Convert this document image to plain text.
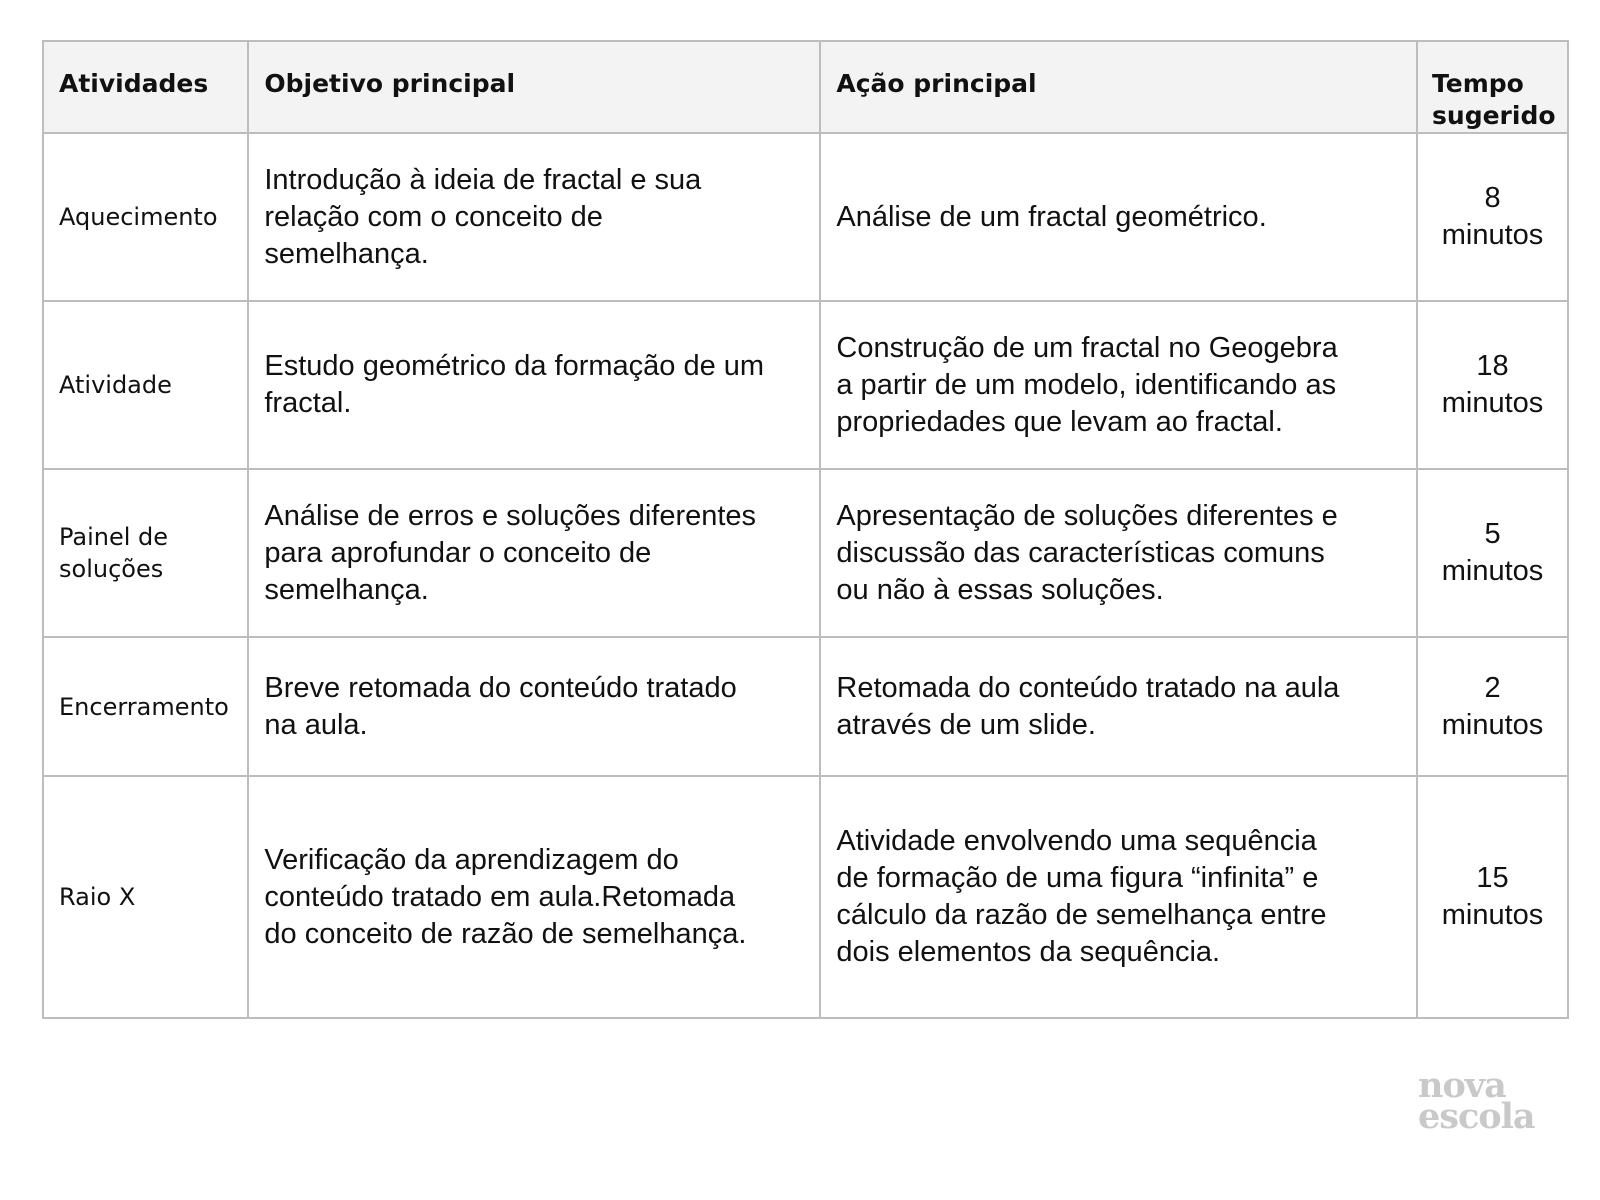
Atividades	Objetivo principal	Ação principal	Tempo
sugerido

Aquecimento	Introdução à ideia de fractal e sua
relação com o conceito de
semelhança.	Análise de um fractal geométrico.	8
minutos

Atividade	Estudo geométrico da formação de um
fractal.	Construção de um fractal no Geogebra
a partir de um modelo, identificando as
propriedades que levam ao fractal.	18
minutos

Painel de
soluções	Análise de erros e soluções diferentes
para aprofundar o conceito de
semelhança.	Apresentação de soluções diferentes e
discussão das características comuns
ou não à essas soluções.	5
minutos

Encerramento	Breve retomada do conteúdo tratado
na aula.	Retomada do conteúdo tratado na aula
através de um slide.	2
minutos

Raio X	Verificação da aprendizagem do
conteúdo tratado em aula.Retomada
do conceito de razão de semelhança.	Atividade envolvendo uma sequência
de formação de uma figura “infinita” e
cálculo da razão de semelhança entre
dois elementos da sequência.	15
minutos
nova
escola
